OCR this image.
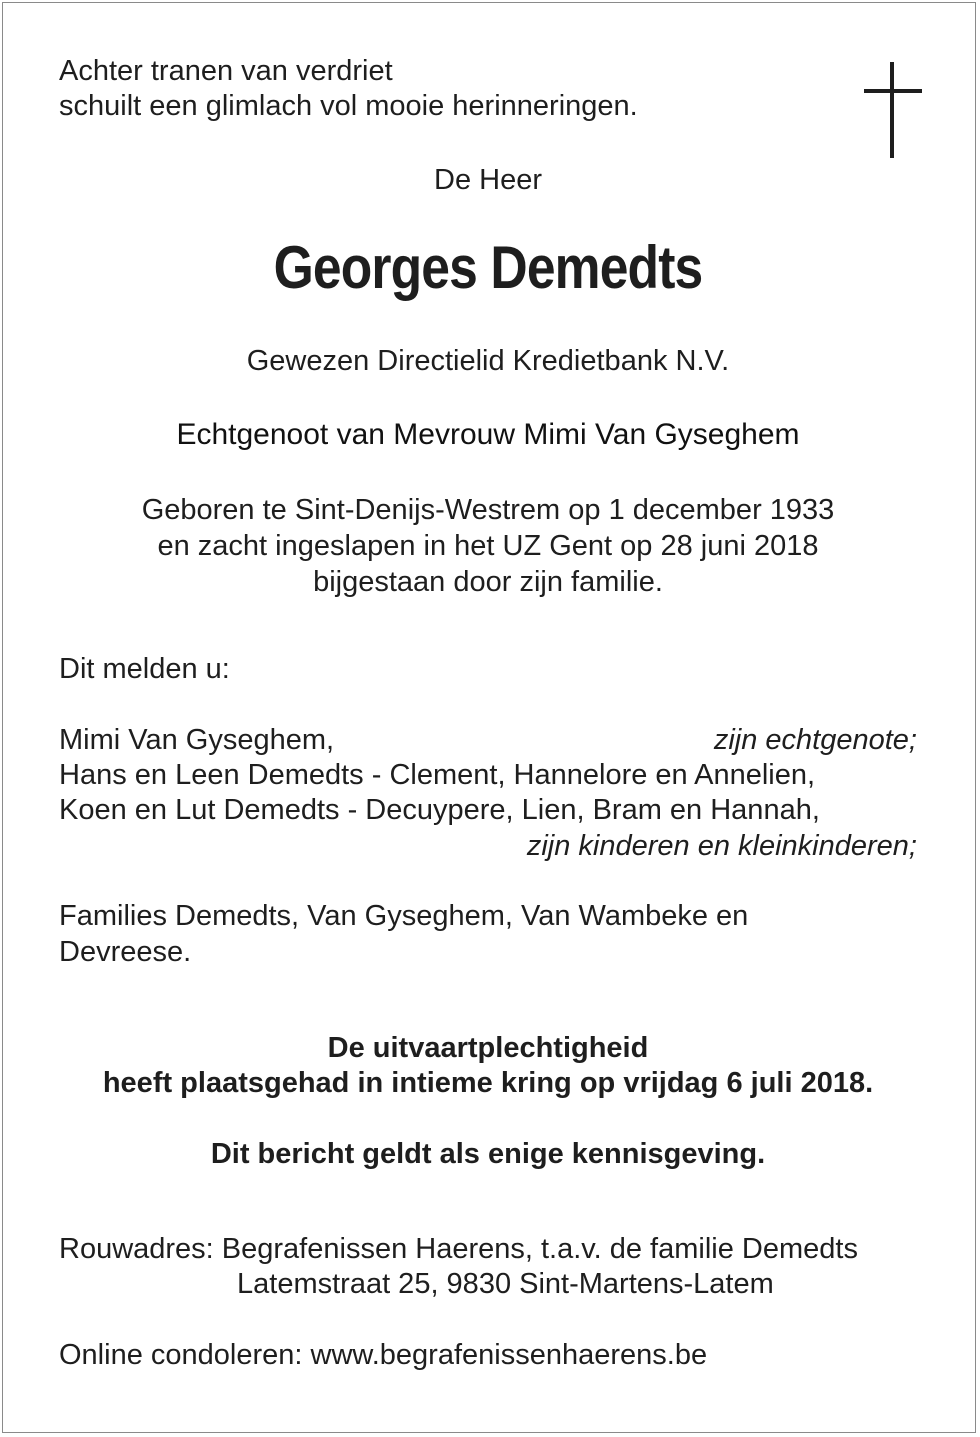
Achter tranen van verdriet

schuilt een glimlach vol mooie herinneringen.

De Heer

Georges Demedts

Gewezen Directielid Kredietbank N.V.

Echtgenoot van Mevrouw Mimi Van Gyseghem

Geboren te Sint-Denijs-Westrem op 1 december 1933

en zacht ingeslapen in het UZ Gent op 28 juni 2018

bijgestaan door zijn familie.

Dit melden u:

Mimi Van Gyseghem,	zijn echtgenote;

Hans en Leen Demedts - Clement, Hannelore en Annelien,

Koen en Lut Demedts - Decuypere, Lien, Bram en Hannah,

zijn kinderen en kleinkinderen;

Families Demedts, Van Gyseghem, Van Wambeke en

Devreese.

De uitvaartplechtigheid

heeft plaatsgehad in intieme kring op vrijdag 6 juli 2018.

Dit bericht geldt als enige kennisgeving.

Rouwadres: Begrafenissen Haerens, t.a.v. de familie Demedts

Latemstraat 25, 9830 Sint-Martens-Latem

Online condoleren: www.begrafenissenhaerens.be
